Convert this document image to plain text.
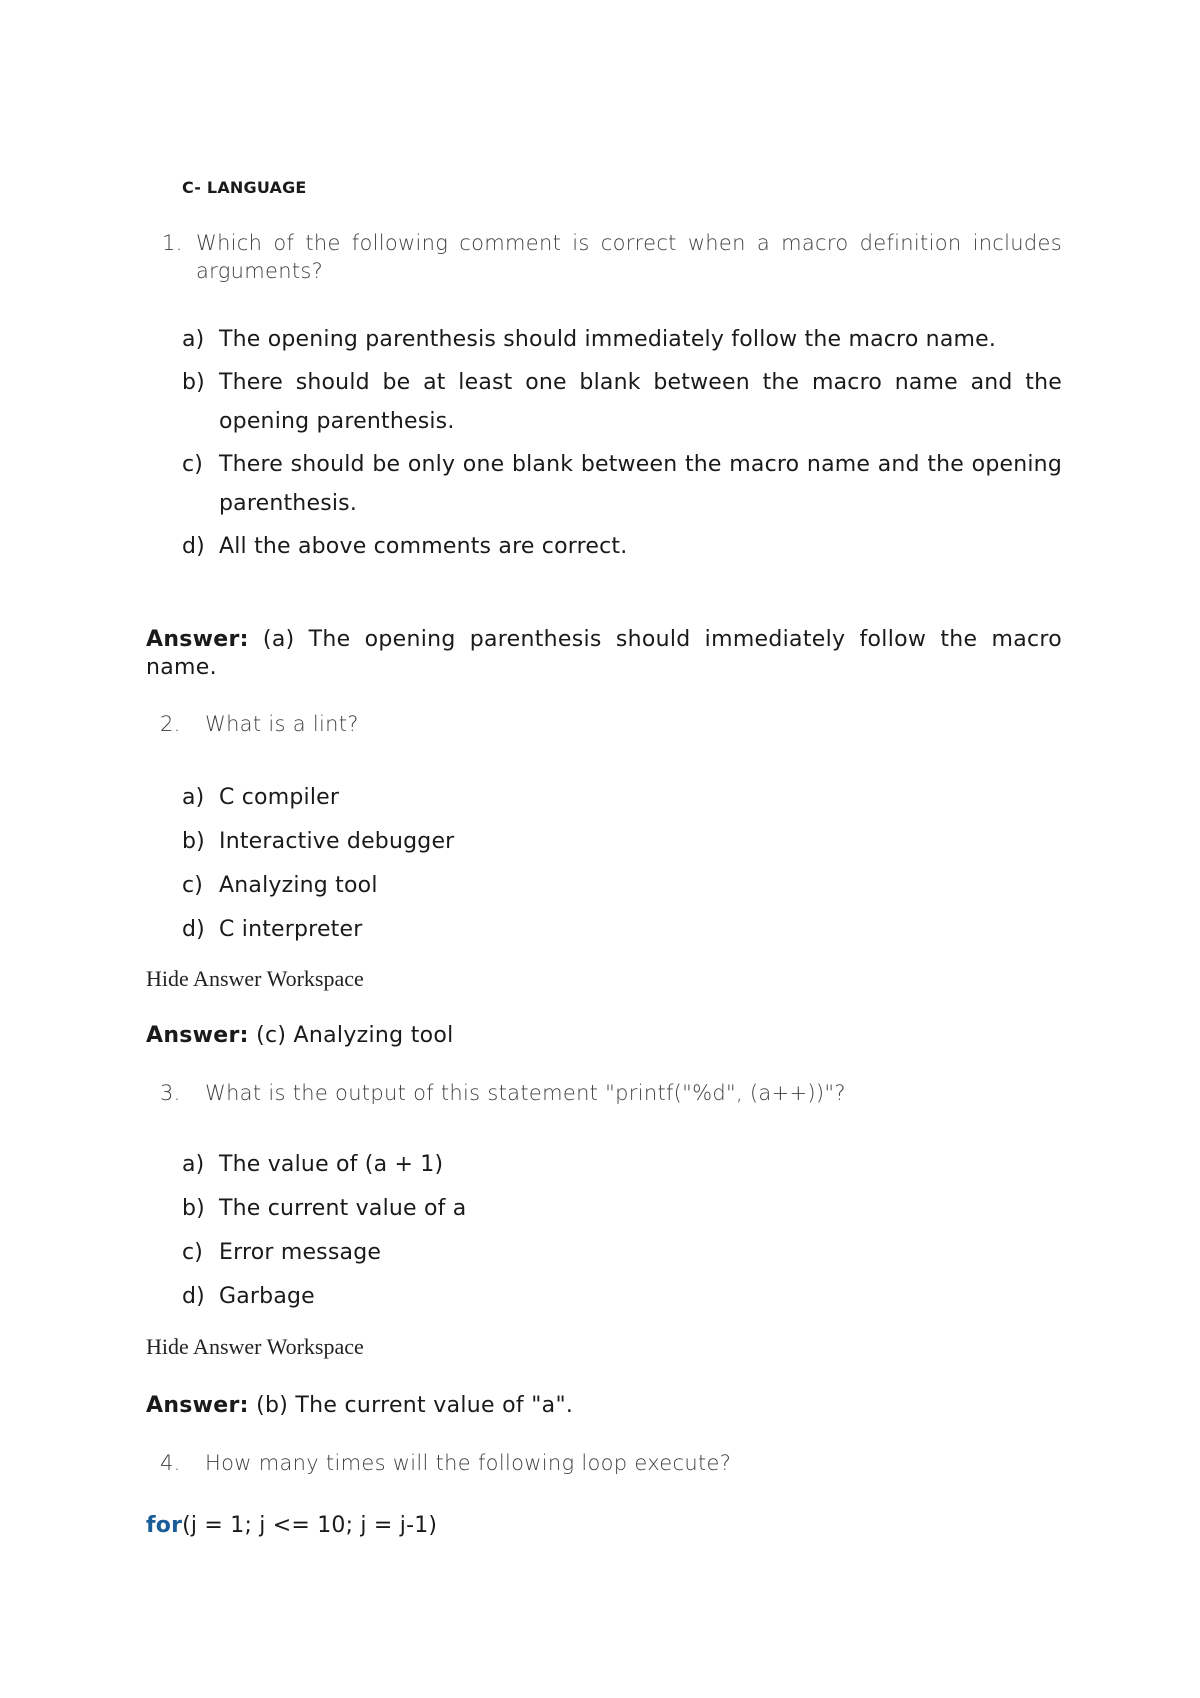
C- LANGUAGE
1. Which of the following comment is correct when a macro definition includes arguments?
a) The opening parenthesis should immediately follow the macro name.
b) There should be at least one blank between the macro name and the opening parenthesis.
c) There should be only one blank between the macro name and the opening parenthesis.
d) All the above comments are correct.
Answer: (a) The opening parenthesis should immediately follow the macro name.
2.	What is a lint?
a) C compiler
b) Interactive debugger
c) Analyzing tool
d) C interpreter
Hide Answer Workspace
Answer: (c) Analyzing tool
3.	What is the output of this statement "printf("%d", (a++))"?
a) The value of (a + 1)
b) The current value of a
c) Error message
d) Garbage
Hide Answer Workspace
Answer: (b) The current value of "a".
4.	How many times will the following loop execute?
for(j = 1; j <= 10; j = j-1)
